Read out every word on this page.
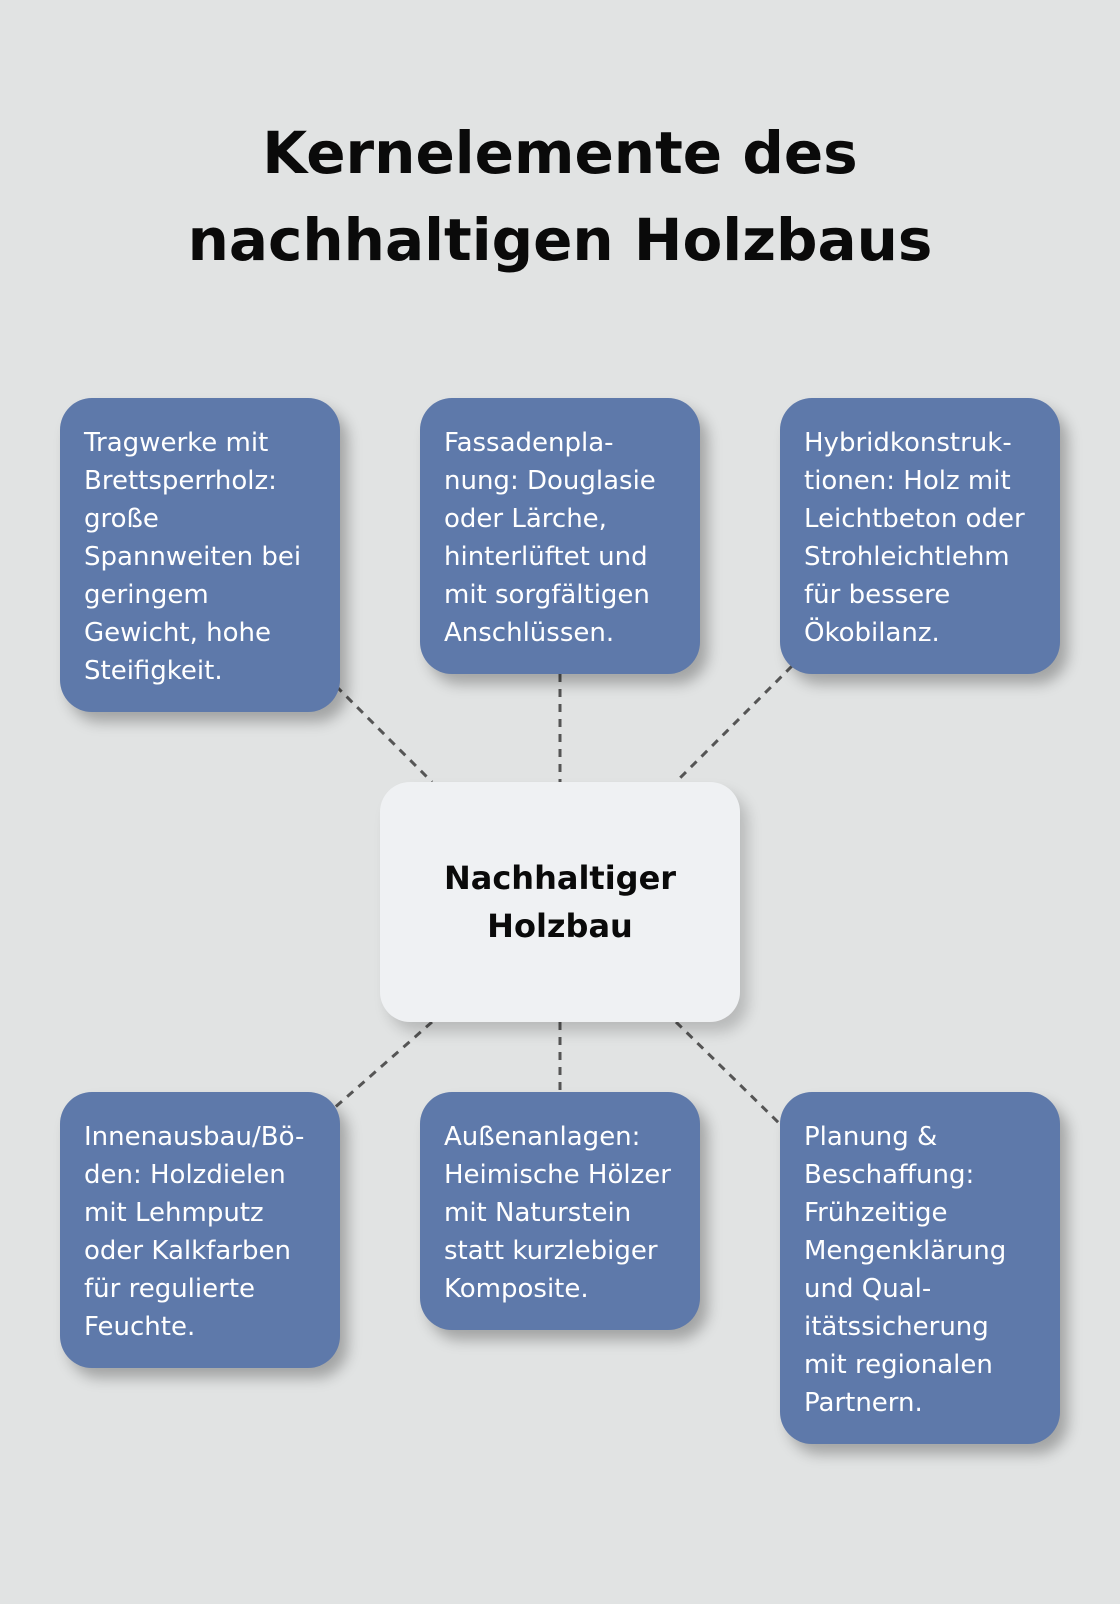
Kernelemente des
nachhaltigen Holzbaus
Tragwerke mit
Brettsperrholz:
große
Spannweiten bei
geringem
Gewicht, hohe
Steifigkeit.
Fassadenpla-
nung: Douglasie
oder Lärche,
hinterlüftet und
mit sorgfältigen
Anschlüssen.
Hybridkonstruk-
tionen: Holz mit
Leichtbeton oder
Strohleichtlehm
für bessere
Ökobilanz.
Nachhaltiger
Holzbau
Innenausbau/Bö-
den: Holzdielen
mit Lehmputz
oder Kalkfarben
für regulierte
Feuchte.
Außenanlagen:
Heimische Hölzer
mit Naturstein
statt kurzlebiger
Komposite.
Planung &
Beschaffung:
Frühzeitige
Mengenklärung
und Qual-
itätssicherung
mit regionalen
Partnern.
